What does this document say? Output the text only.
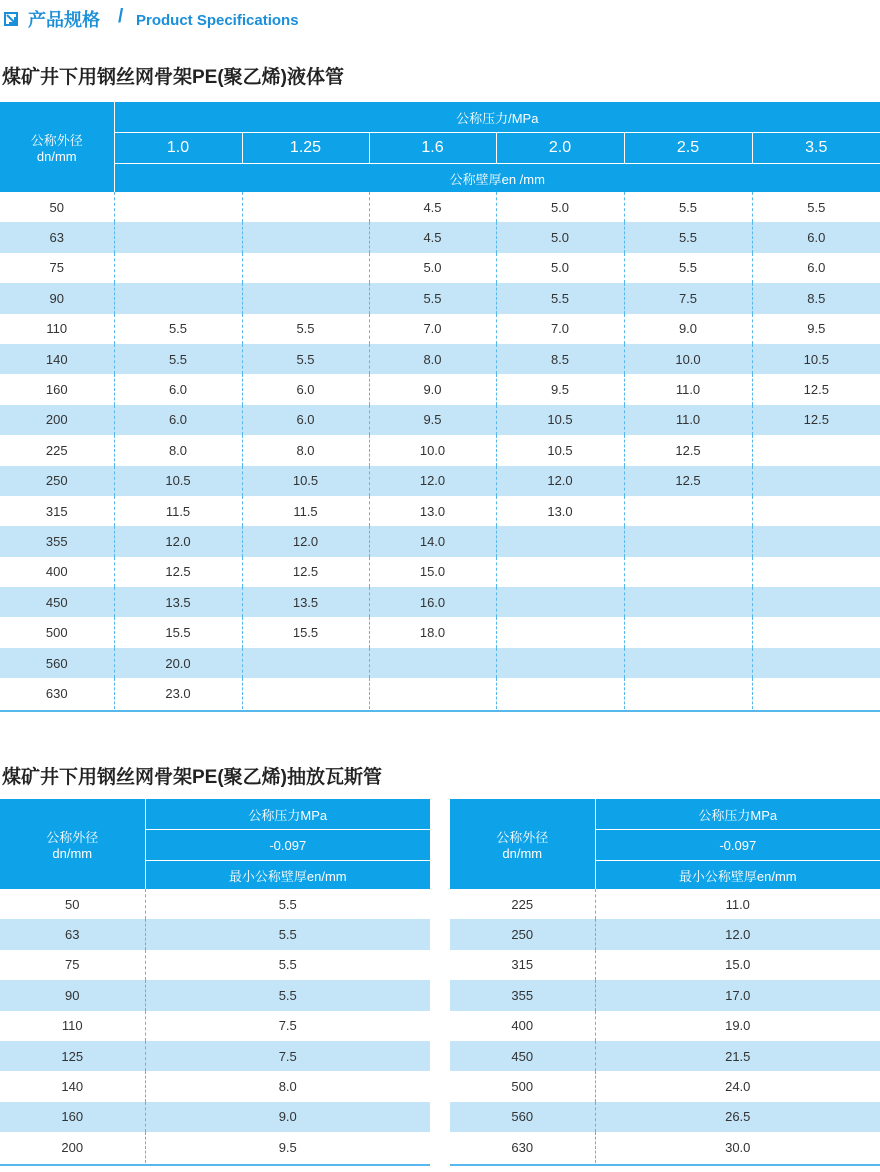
产品规格 / Product Specifications
煤矿井下用钢丝网骨架PE(聚乙烯)液体管
公称外径
dn/mm	公称压力/MPa					
	1.0	1.25	1.6	2.0	2.5	3.5
	公称壁厚en /mm					
50			4.5	5.0	5.5	5.5
63			4.5	5.0	5.5	6.0
75			5.0	5.0	5.5	6.0
90			5.5	5.5	7.5	8.5
110	5.5	5.5	7.0	7.0	9.0	9.5
140	5.5	5.5	8.0	8.5	10.0	10.5
160	6.0	6.0	9.0	9.5	11.0	12.5
200	6.0	6.0	9.5	10.5	11.0	12.5
225	8.0	8.0	10.0	10.5	12.5	
250	10.5	10.5	12.0	12.0	12.5	
315	11.5	11.5	13.0	13.0		
355	12.0	12.0	14.0			
400	12.5	12.5	15.0			
450	13.5	13.5	16.0			
500	15.5	15.5	18.0			
560	20.0					
630	23.0					
煤矿井下用钢丝网骨架PE(聚乙烯)抽放瓦斯管
公称外径
dn/mm	公称压力MPa
	-0.097
	最小公称壁厚en/mm
50	5.5
63	5.5
75	5.5
90	5.5
110	7.5
125	7.5
140	8.0
160	9.0
200	9.5
公称外径
dn/mm	公称压力MPa
	-0.097
	最小公称壁厚en/mm
225	11.0
250	12.0
315	15.0
355	17.0
400	19.0
450	21.5
500	24.0
560	26.5
630	30.0
